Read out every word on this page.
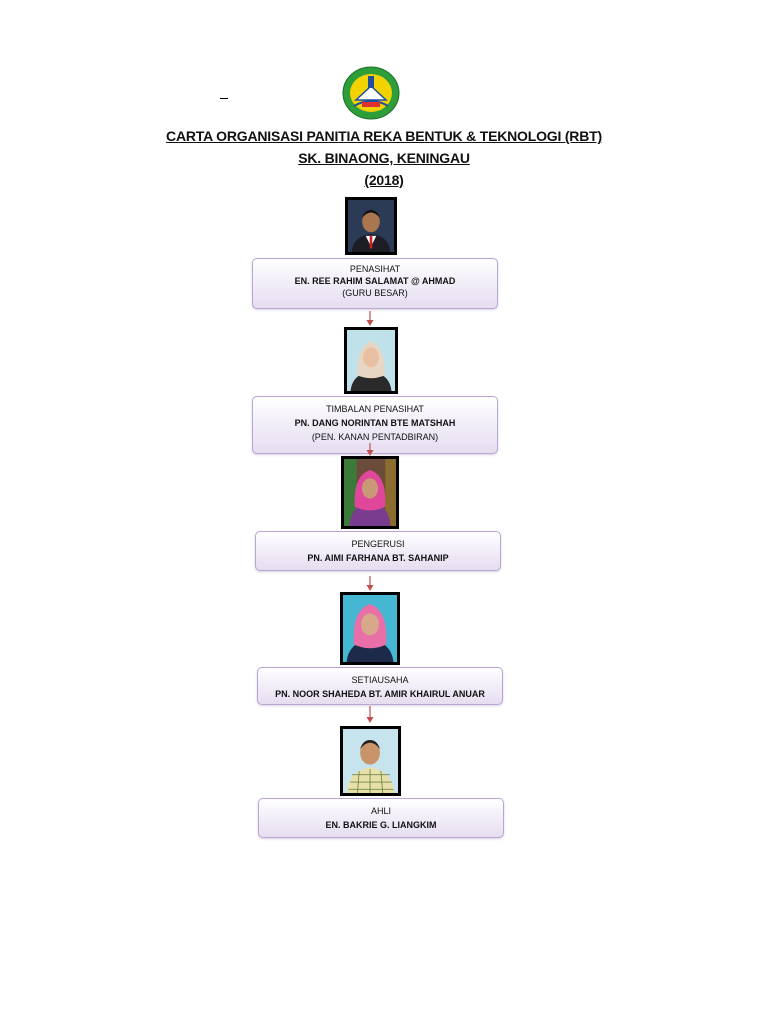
CARTA ORGANISASI PANITIA REKA BENTUK & TEKNOLOGI (RBT)
SK. BINAONG, KENINGAU
(2018)
PENASIHAT
EN. REE RAHIM SALAMAT @ AHMAD
(GURU BESAR)
TIMBALAN PENASIHAT
PN. DANG NORINTAN BTE MATSHAH
(PEN. KANAN PENTADBIRAN)
PENGERUSI
PN. AIMI FARHANA BT. SAHANIP
SETIAUSAHA
PN. NOOR SHAHEDA BT. AMIR KHAIRUL ANUAR
AHLI
EN. BAKRIE G. LIANGKIM
